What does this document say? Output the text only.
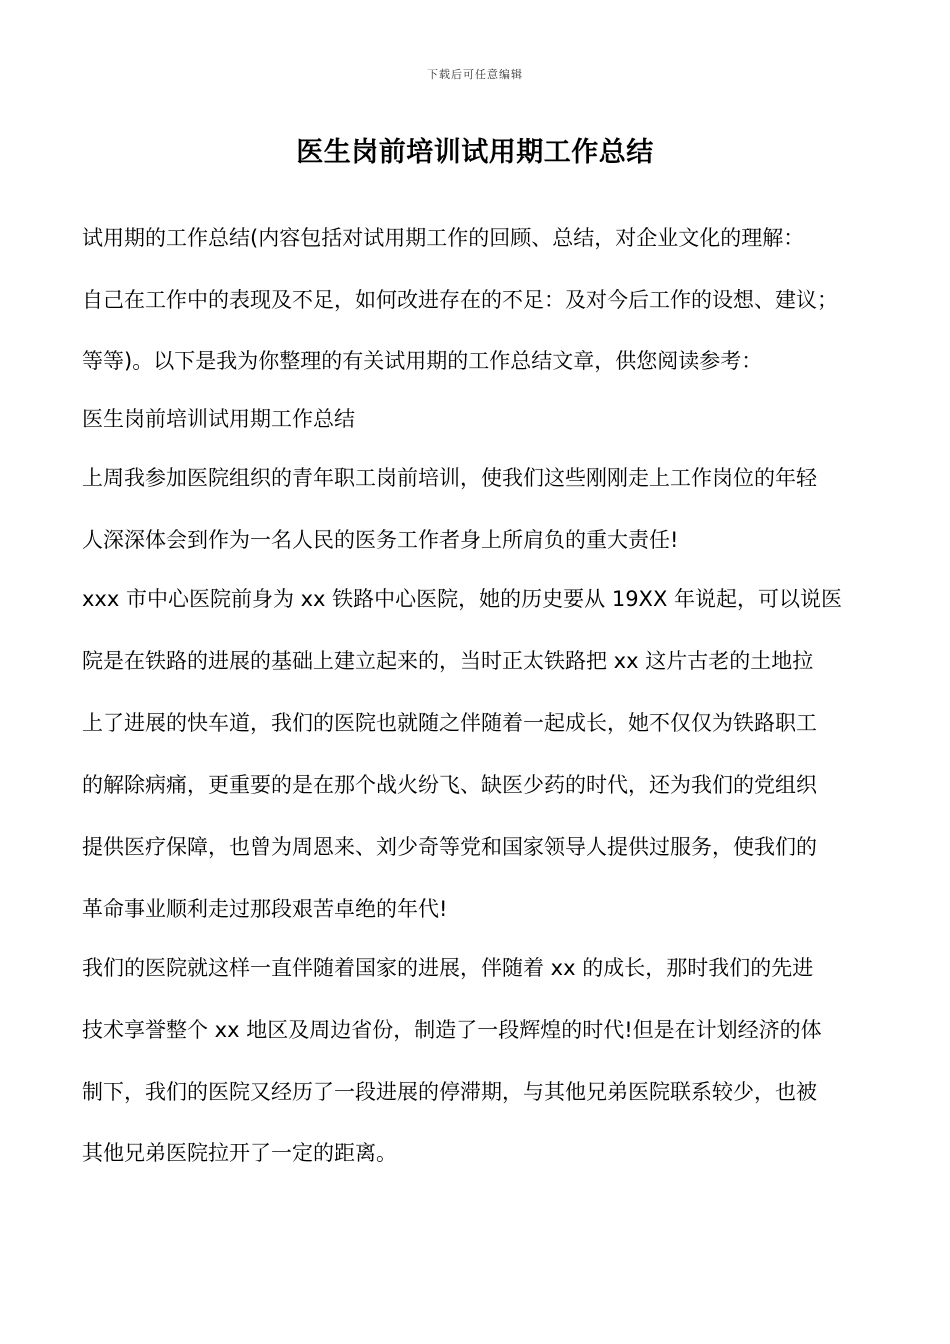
下载后可任意编辑
医生岗前培训试用期工作总结
试用期的工作总结(内容包括对试用期工作的回顾、总结，对企业文化的理解：
自己在工作中的表现及不足，如何改进存在的不足：及对今后工作的设想、建议；
等等)。以下是我为你整理的有关试用期的工作总结文章，供您阅读参考：
医生岗前培训试用期工作总结
上周我参加医院组织的青年职工岗前培训，使我们这些刚刚走上工作岗位的年轻
人深深体会到作为一名人民的医务工作者身上所肩负的重大责任!
xxx 市中心医院前身为 xx 铁路中心医院，她的历史要从 19XX 年说起，可以说医
院是在铁路的进展的基础上建立起来的，当时正太铁路把 xx 这片古老的土地拉
上了进展的快车道，我们的医院也就随之伴随着一起成长，她不仅仅为铁路职工
的解除病痛，更重要的是在那个战火纷飞、缺医少药的时代，还为我们的党组织
提供医疗保障，也曾为周恩来、刘少奇等党和国家领导人提供过服务，使我们的
革命事业顺利走过那段艰苦卓绝的年代!
我们的医院就这样一直伴随着国家的进展，伴随着 xx 的成长，那时我们的先进
技术享誉整个 xx 地区及周边省份，制造了一段辉煌的时代!但是在计划经济的体
制下，我们的医院又经历了一段进展的停滞期，与其他兄弟医院联系较少，也被
其他兄弟医院拉开了一定的距离。
